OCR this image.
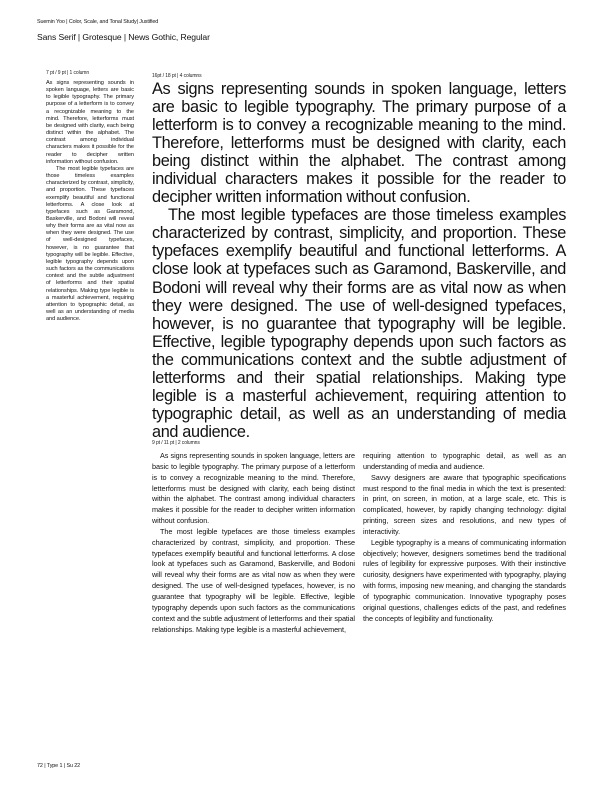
Suemin Yoo | Color, Scale, and Tonal Study| Justified
Sans Serif | Grotesque | News Gothic, Regular
7 pt / 9 pt | 1 column

As signs representing sounds in spoken language, letters are basic to legible typography. The primary purpose of a letterform is to convey a recognizable meaning to the mind. Therefore, letterforms must be designed with clarity, each being distinct within the alphabet. The contrast among individual characters makes it possible for the reader to decipher written information without confusion.

The most legible typefaces are those timeless examples characterized by contrast, simplicity, and proportion. These typefaces exemplify beautiful and functional letterforms. A close look at typefaces such as Garamond, Baskerville, and Bodoni will reveal why their forms are as vital now as when they were designed. The use of well-designed typefaces, however, is no guarantee that typography will be legible. Effective, legible typography depends upon such factors as the communications context and the subtle adjustment of letterforms and their spatial relationships. Making type legible is a masterful achievement, requiring attention to typographic detail, as well as an understanding of media and audience.

16pt / 18 pt | 4 columns

As signs representing sounds in spoken language, letters are basic to legible typography. The primary purpose of a letterform is to convey a recognizable meaning to the mind. Therefore, letterforms must be designed with clarity, each being distinct within the alphabet. The contrast among individual characters makes it possible for the reader to decipher written information without confusion.

The most legible typefaces are those timeless examples characterized by contrast, simplicity, and proportion. These typefaces exemplify beautiful and functional letterforms. A close look at typefaces such as Garamond, Baskerville, and Bodoni will reveal why their forms are as vital now as when they were designed. The use of well-designed typefaces, however, is no guarantee that typography will be legible. Effective, legible typography depends upon such factors as the communications context and the subtle adjustment of letterforms and their spatial relationships. Making type legible is a masterful achievement, requiring attention to typographic detail, as well as an understanding of media and audience.

9 pt / 11 pt | 2 columns

As signs representing sounds in spoken language, letters are basic to legible typography. The primary purpose of a letterform is to convey a recognizable meaning to the mind. Therefore, letterforms must be designed with clarity, each being distinct within the alphabet. The contrast among individual characters makes it possible for the reader to decipher written information without confusion.

The most legible typefaces are those timeless examples characterized by contrast, simplicity, and proportion. These typefaces exemplify beautiful and functional letterforms. A close look at typefaces such as Garamond, Baskerville, and Bodoni will reveal why their forms are as vital now as when they were designed. The use of well-designed typefaces, however, is no guarantee that typography will be legible. Effective, legible typography depends upon such factors as the communications context and the subtle adjustment of letterforms and their spatial relationships. Making type legible is a masterful achievement,

requiring attention to typographic detail, as well as an understanding of media and audience.

Savvy designers are aware that typographic specifications must respond to the final media in which the text is presented: in print, on screen, in motion, at a large scale, etc. This is complicated, however, by rapidly changing technology: digital printing, screen sizes and resolutions, and new types of interactivity.

Legible typography is a means of communicating information objectively; however, designers sometimes bend the traditional rules of legibility for expressive purposes. With their instinctive curiosity, designers have experimented with typography, playing with forms, imposing new meaning, and changing the standards of typographic communication. Innovative typography poses original questions, challenges edicts of the past, and redefines the concepts of legibility and functionality.

72 | Type 1 | Su 22
